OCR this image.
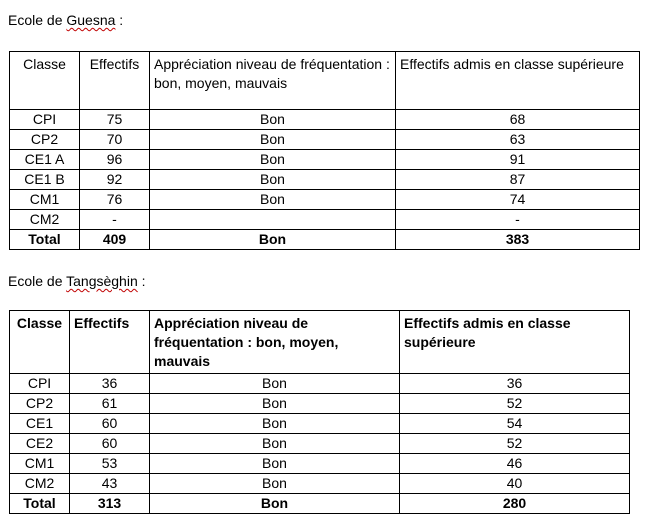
Ecole de Guesna :
Classe	Effectifs	Appréciation niveau de fréquentation : bon, moyen, mauvais	Effectifs admis en classe supérieure
CPI	75	Bon	68
CP2	70	Bon	63
CE1 A	96	Bon	91
CE1 B	92	Bon	87
CM1	76	Bon	74
CM2	-		-
Total	409	Bon	383
Ecole de Tangsèghin :
Classe	Effectifs	Appréciation niveau de fréquentation : bon, moyen, mauvais	Effectifs admis en classe supérieure
CPI	36	Bon	36
CP2	61	Bon	52
CE1	60	Bon	54
CE2	60	Bon	52
CM1	53	Bon	46
CM2	43	Bon	40
Total	313	Bon	280
